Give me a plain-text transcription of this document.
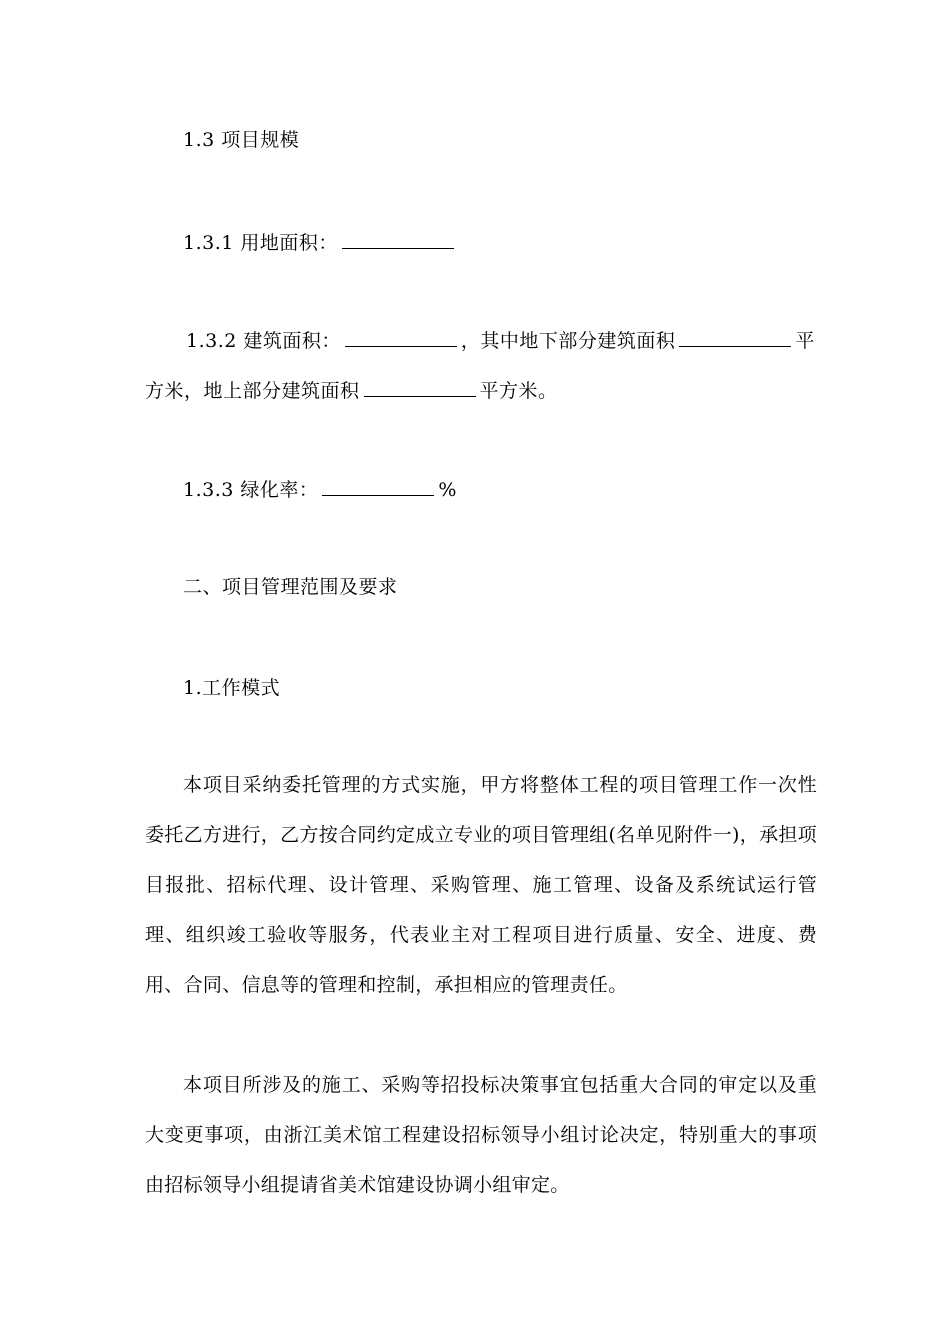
1.3 项目规模
1.3.1 用地面积：
1.3.2 建筑面积：	，其中地下部分建筑面积	平
方米，地上部分建筑面积	平方米。
1.3.3 绿化率：	%
二、项目管理范围及要求
1.工作模式
本项目采纳委托管理的方式实施，甲方将整体工程的项目管理工作一次性委托乙方进行，乙方按合同约定成立专业的项目管理组(名单见附件一)，承担项目报批、招标代理、设计管理、采购管理、施工管理、设备及系统试运行管理、组织竣工验收等服务，代表业主对工程项目进行质量、安全、进度、费用、合同、信息等的管理和控制，承担相应的管理责任。
本项目所涉及的施工、采购等招投标决策事宜包括重大合同的审定以及重大变更事项，由浙江美术馆工程建设招标领导小组讨论决定，特别重大的事项由招标领导小组提请省美术馆建设协调小组审定。
